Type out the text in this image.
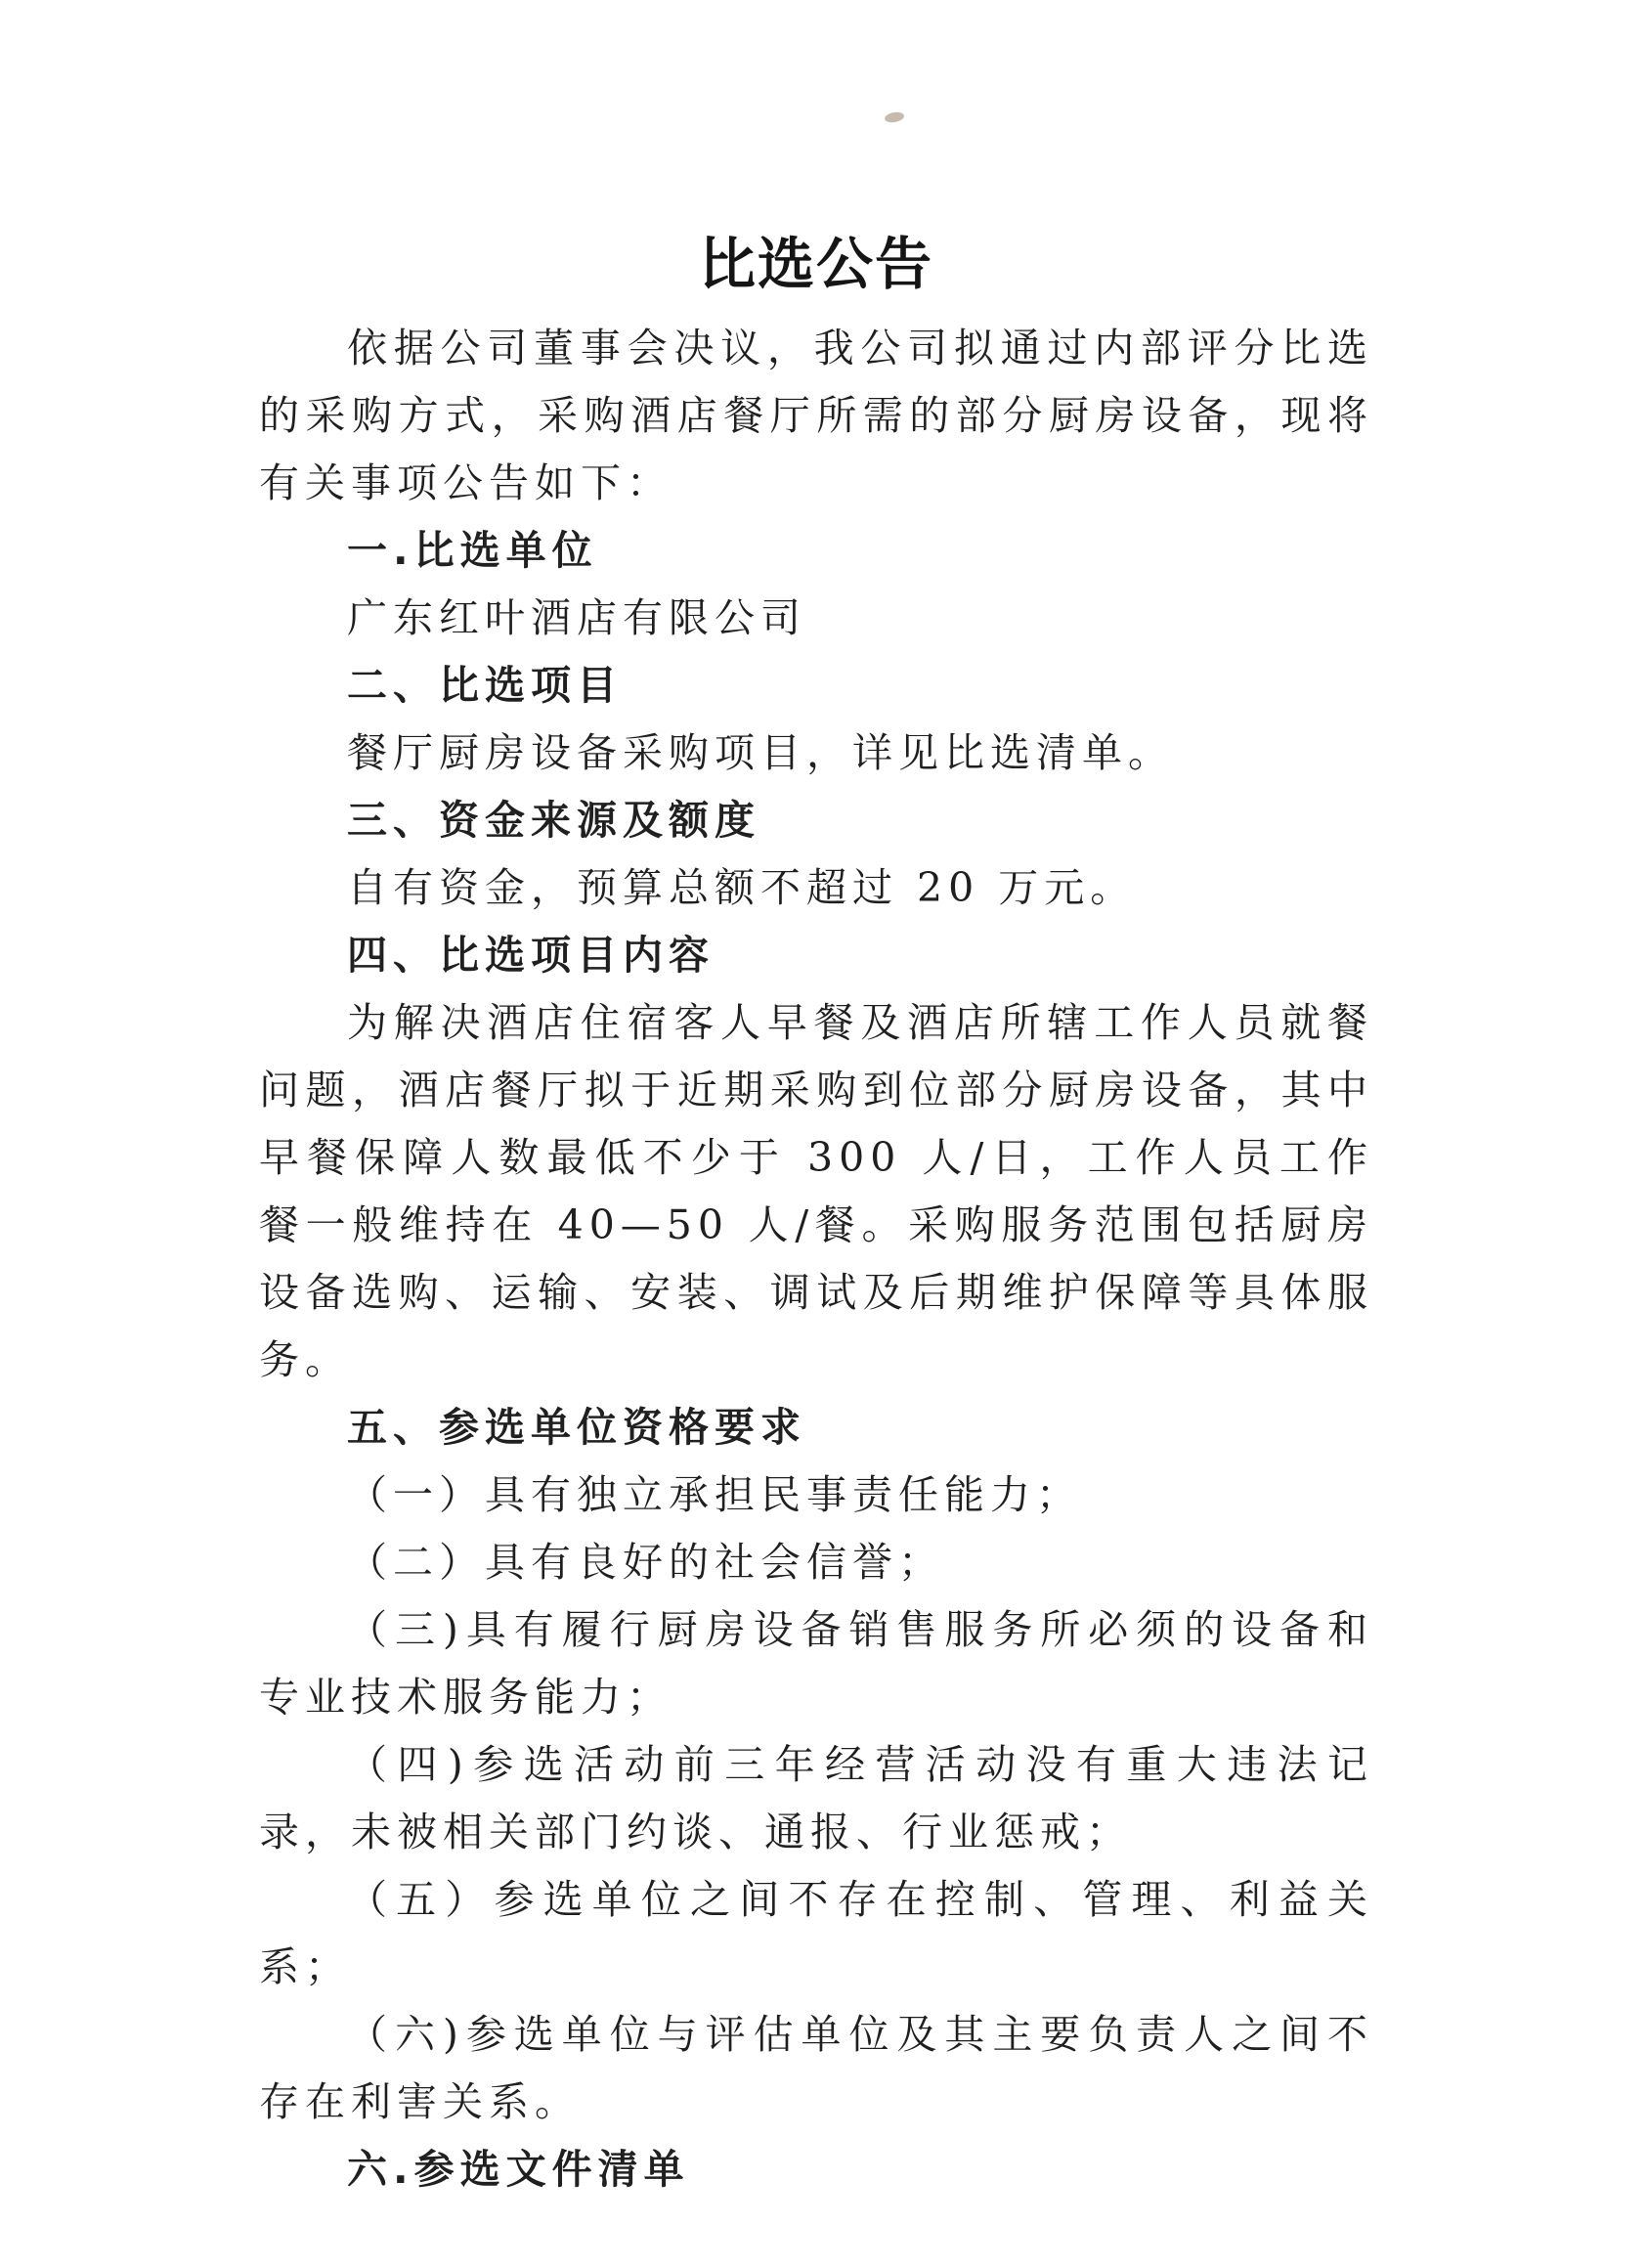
比选公告

依据公司董事会决议，我公司拟通过内部评分比选的采购方式，采购酒店餐厅所需的部分厨房设备，现将有关事项公告如下：

一.比选单位

广东红叶酒店有限公司

二、比选项目

餐厅厨房设备采购项目，详见比选清单。

三、资金来源及额度

自有资金，预算总额不超过 20 万元。

四、比选项目内容

为解决酒店住宿客人早餐及酒店所辖工作人员就餐问题，酒店餐厅拟于近期采购到位部分厨房设备，其中早餐保障人数最低不少于 300 人/日，工作人员工作餐一般维持在 40—50 人/餐。采购服务范围包括厨房设备选购、运输、安装、调试及后期维护保障等具体服务。

五、参选单位资格要求

（一）具有独立承担民事责任能力；

（二）具有良好的社会信誉；

（三)具有履行厨房设备销售服务所必须的设备和专业技术服务能力；

（四)参选活动前三年经营活动没有重大违法记录，未被相关部门约谈、通报、行业惩戒；

（五）参选单位之间不存在控制、管理、利益关系；

（六)参选单位与评估单位及其主要负责人之间不存在利害关系。

六.参选文件清单
